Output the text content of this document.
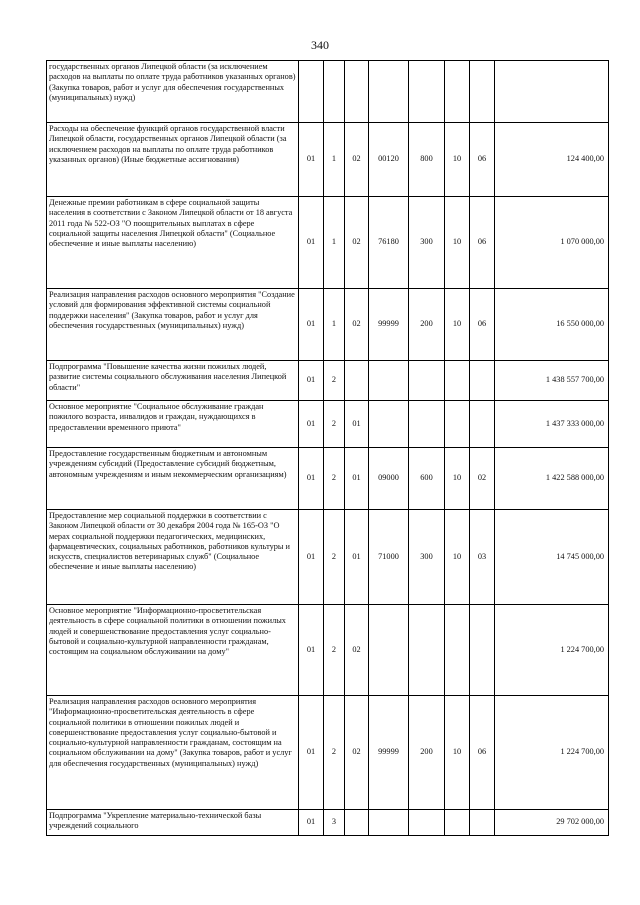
340
государственных органов Липецкой области (за исключением расходов на выплаты по оплате труда работников указанных органов) (Закупка товаров, работ и услуг для обеспечения государственных (муниципальных) нужд)								
Расходы на обеспечение функций органов государственной власти Липецкой области, государственных органов Липецкой области (за исключением расходов на выплаты по оплате труда работников указанных органов) (Иные бюджетные ассигнования)	01	1	02	00120	800	10	06	124 400,00
Денежные премии работникам в сфере социальной защиты населения в соответствии с Законом Липецкой области от 18 августа 2011 года № 522-ОЗ "О поощрительных выплатах в сфере социальной защиты населения Липецкой области" (Социальное обеспечение и иные выплаты населению)	01	1	02	76180	300	10	06	1 070 000,00
Реализация направления расходов основного мероприятия "Создание условий для формирования эффективной системы социальной поддержки населения" (Закупка товаров, работ и услуг для обеспечения государственных (муниципальных) нужд)	01	1	02	99999	200	10	06	16 550 000,00
Подпрограмма "Повышение качества жизни пожилых людей, развитие системы социального обслуживания населения Липецкой области"	01	2						1 438 557 700,00
Основное мероприятие "Социальное обслуживание граждан пожилого возраста, инвалидов и граждан, нуждающихся в предоставлении временного приюта"	01	2	01					1 437 333 000,00
Предоставление государственным бюджетным и автономным учреждениям субсидий (Предоставление субсидий бюджетным, автономным учреждениям и иным некоммерческим организациям)	01	2	01	09000	600	10	02	1 422 588 000,00
Предоставление мер социальной поддержки в соответствии с Законом Липецкой области от 30 декабря 2004 года № 165-ОЗ "О мерах социальной поддержки педагогических, медицинских, фармацевтических, социальных работников, работников культуры и искусств, специалистов ветеринарных служб" (Социальное обеспечение и иные выплаты населению)	01	2	01	71000	300	10	03	14 745 000,00
Основное мероприятие "Информационно-просветительская деятельность в сфере социальной политики в отношении пожилых людей и совершенствование предоставления услуг социально-бытовой и социально-культурной направленности гражданам, состоящим на социальном обслуживании на дому"	01	2	02					1 224 700,00
Реализация направления расходов основного мероприятия "Информационно-просветительская деятельность в сфере социальной политики в отношении пожилых людей и совершенствование предоставления услуг социально-бытовой и социально-культурной направленности гражданам, состоящим на социальном обслуживании на дому" (Закупка товаров, работ и услуг для обеспечения государственных (муниципальных) нужд)	01	2	02	99999	200	10	06	1 224 700,00
Подпрограмма "Укрепление материально-технической базы учреждений социального	01	3						29 702 000,00
